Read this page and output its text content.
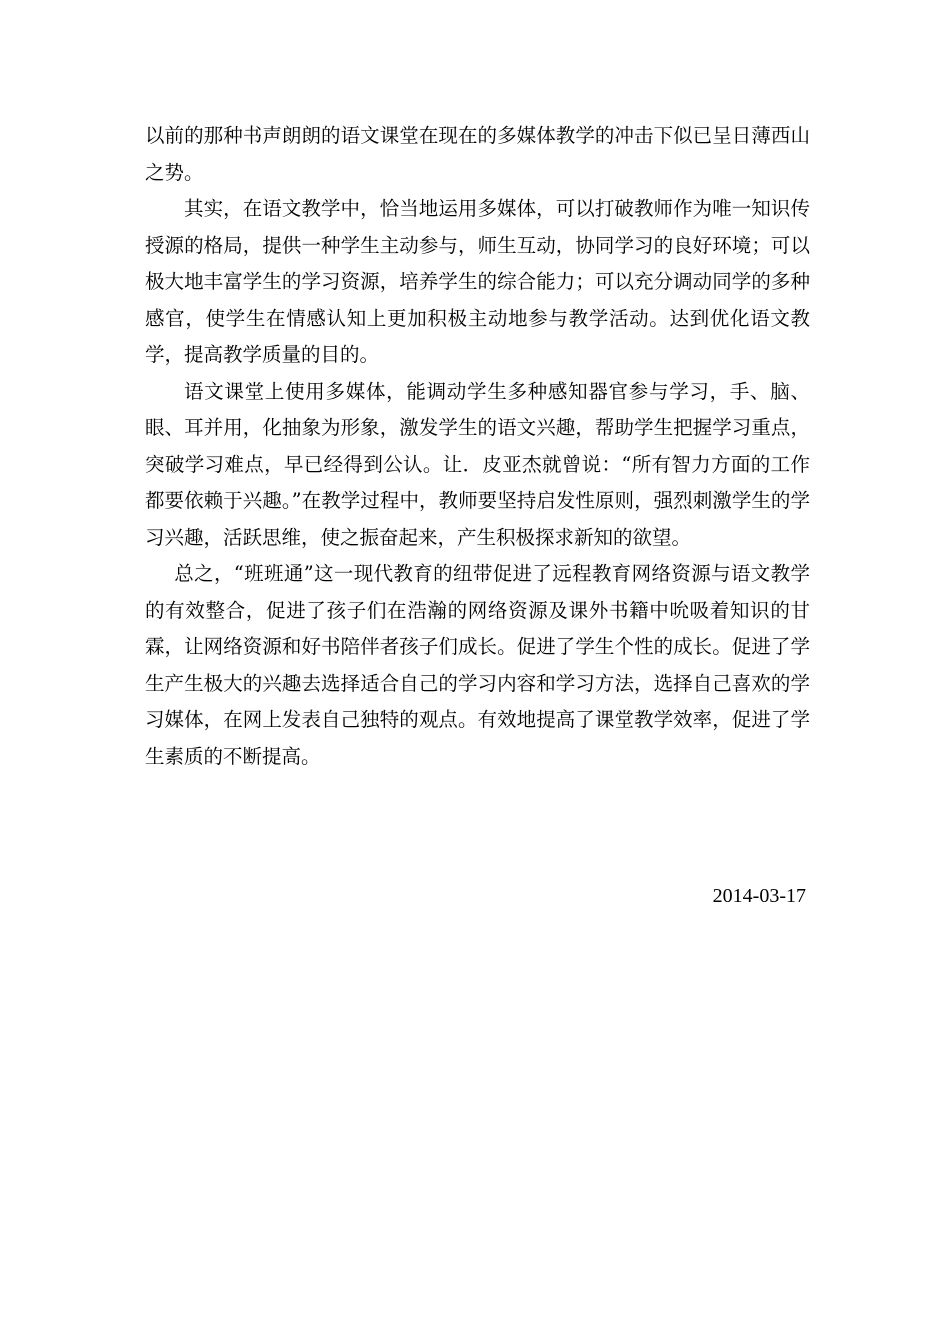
以前的那种书声朗朗的语文课堂在现在的多媒体教学的冲击下似已呈日薄西山之势。

其实，在语文教学中，恰当地运用多媒体，可以打破教师作为唯一知识传授源的格局，提供一种学生主动参与，师生互动，协同学习的良好环境；可以极大地丰富学生的学习资源，培养学生的综合能力；可以充分调动同学的多种感官，使学生在情感认知上更加积极主动地参与教学活动。达到优化语文教学，提高教学质量的目的。

语文课堂上使用多媒体，能调动学生多种感知器官参与学习，手、脑、眼、耳并用，化抽象为形象，激发学生的语文兴趣，帮助学生把握学习重点，突破学习难点，早已经得到公认。让．皮亚杰就曾说：“所有智力方面的工作都要依赖于兴趣。”在教学过程中，教师要坚持启发性原则，强烈刺激学生的学习兴趣，活跃思维，使之振奋起来，产生积极探求新知的欲望。

总之，“班班通”这一现代教育的纽带促进了远程教育网络资源与语文教学的有效整合，促进了孩子们在浩瀚的网络资源及课外书籍中吮吸着知识的甘霖，让网络资源和好书陪伴者孩子们成长。促进了学生个性的成长。促进了学生产生极大的兴趣去选择适合自己的学习内容和学习方法，选择自己喜欢的学习媒体，在网上发表自己独特的观点。有效地提高了课堂教学效率，促进了学生素质的不断提高。

2014-03-17
